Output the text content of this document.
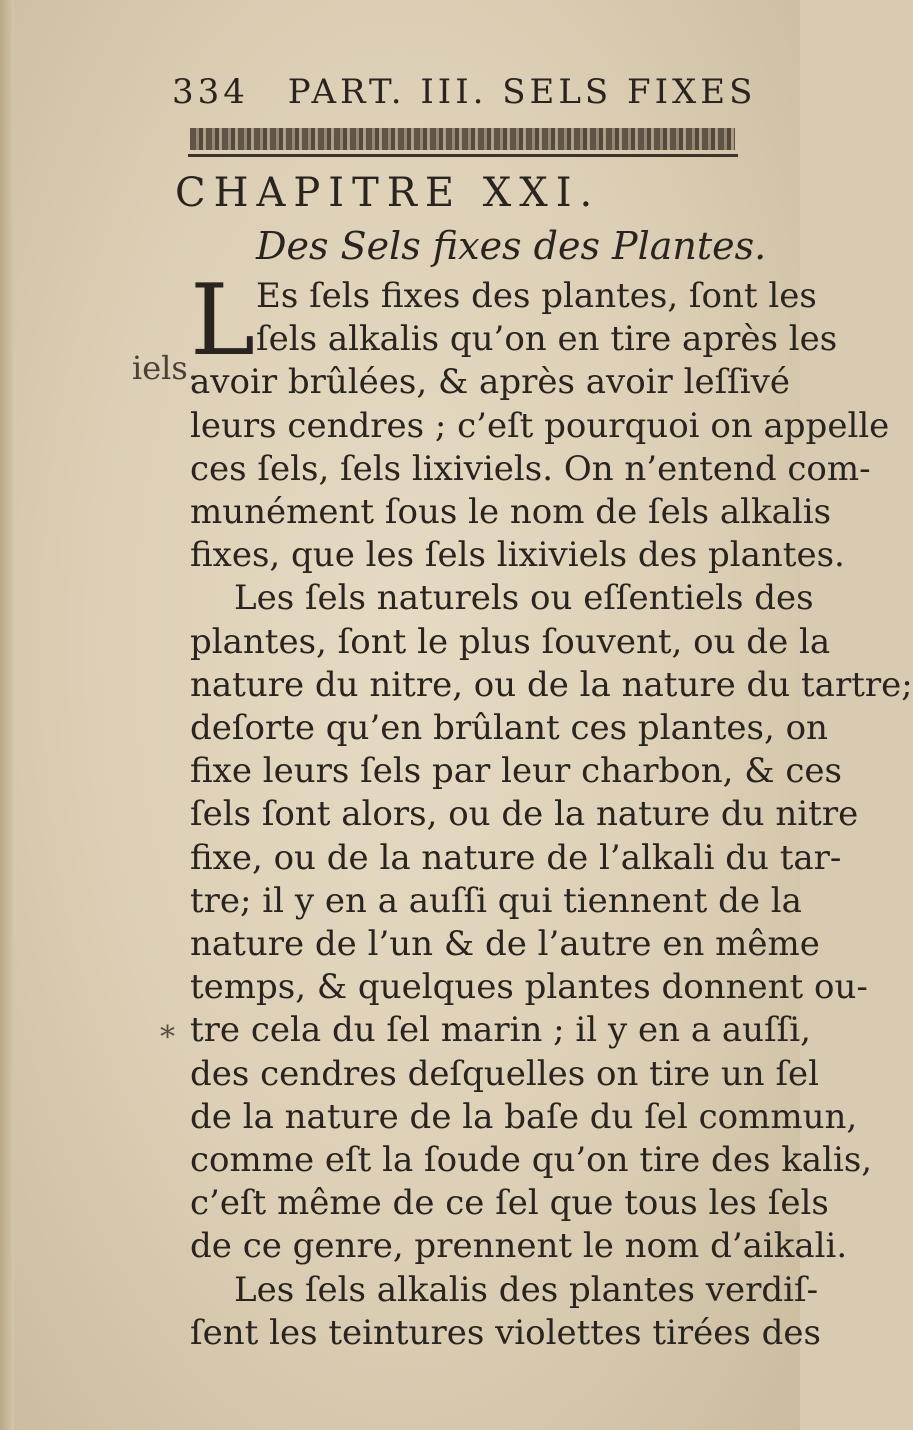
334 PART. III. SELS FIXES
CHAPITRE XXI.
Des Sels fixes des Plantes.
iels.
*
L Es ſels fixes des plantes, ſont les
ſels alkalis qu’on en tire après les
avoir brûlées, & après avoir leſſivé
leurs cendres ; c’eſt pourquoi on appelle
ces ſels, ſels lixiviels. On n’entend com-
munément ſous le nom de ſels alkalis
fixes, que les ſels lixiviels des plantes.
Les ſels naturels ou eſſentiels des
plantes, ſont le plus ſouvent, ou de la
nature du nitre, ou de la nature du tartre;
deſorte qu’en brûlant ces plantes, on
fixe leurs ſels par leur charbon, & ces
ſels ſont alors, ou de la nature du nitre
fixe, ou de la nature de l’alkali du tar-
tre; il y en a auſſi qui tiennent de la
nature de l’un & de l’autre en même
temps, & quelques plantes donnent ou-
tre cela du ſel marin ; il y en a auſſi,
des cendres deſquelles on tire un ſel
de la nature de la baſe du ſel commun,
comme eſt la ſoude qu’on tire des kalis,
c’eſt même de ce ſel que tous les ſels
de ce genre, prennent le nom d’aikali.
Les ſels alkalis des plantes verdiſ-
ſent les teintures violettes tirées des
